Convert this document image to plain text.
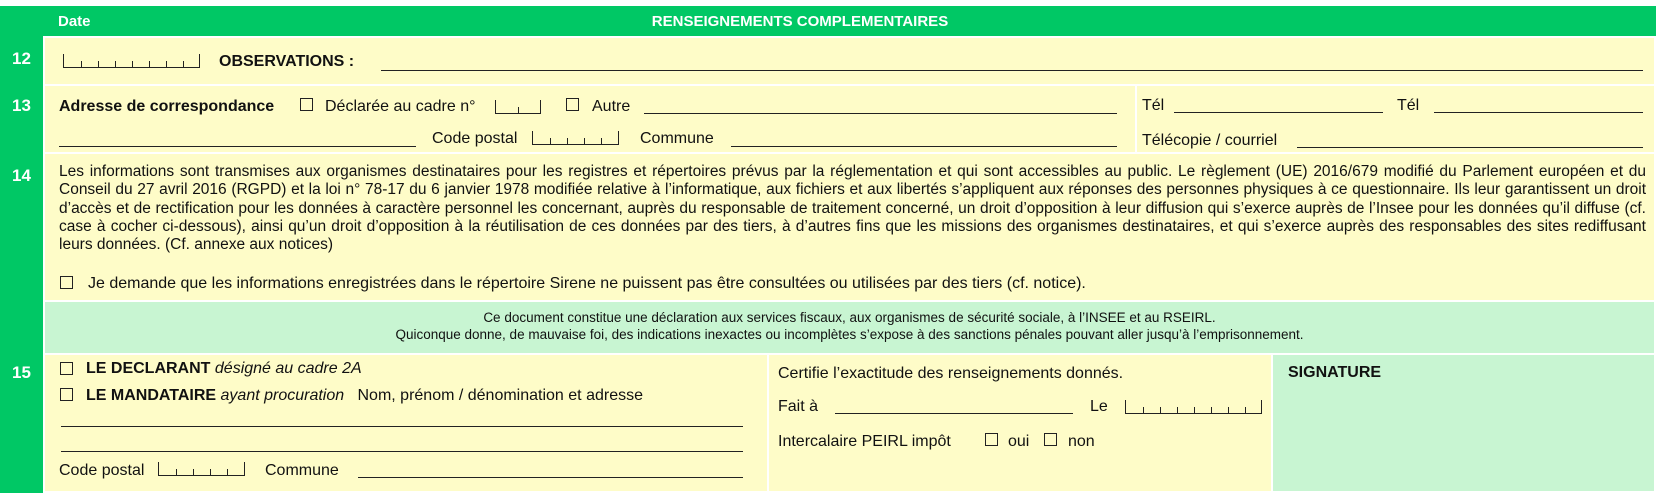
Date	RENSEIGNEMENTS COMPLEMENTAIRES
12
13
14
15
OBSERVATIONS :
Adresse de correspondance	Déclarée au cadre n°	Autre
Code postal	Commune
Tél	Tél
Télécopie / courriel
Les informations sont transmises aux organismes destinataires pour les registres et répertoires prévus par la réglementation et qui sont accessibles au public. Le règlement (UE) 2016/679 modifié du Parlement européen et du Conseil du 27 avril 2016 (RGPD) et la loi n° 78-17 du 6 janvier 1978 modifiée relative à l’informatique, aux fichiers et aux libertés s’appliquent aux réponses des personnes physiques à ce questionnaire. Ils leur garantissent un droit d’accès et de rectification pour les données à caractère personnel les concernant, auprès du responsable de traitement concerné, un droit d’opposition à leur diffusion qui s’exerce auprès de l’Insee pour les données qu’il diffuse (cf. case à cocher ci-dessous), ainsi qu’un droit d’opposition à la réutilisation de ces données par des tiers, à d’autres fins que les missions des organismes destinataires, et qui s’exerce auprès des responsables des sites rediffusant leurs données. (Cf. annexe aux notices)
Je demande que les informations enregistrées dans le répertoire Sirene ne puissent pas être consultées ou utilisées par des tiers (cf. notice).
Ce document constitue une déclaration aux services fiscaux, aux organismes de sécurité sociale, à l’INSEE et au RSEIRL.
Quiconque donne, de mauvaise foi, des indications inexactes ou incomplètes s’expose à des sanctions pénales pouvant aller jusqu’à l’emprisonnement.
LE DECLARANT désigné au cadre 2A
LE MANDATAIRE ayant procuration Nom, prénom / dénomination et adresse
Code postal	Commune
Certifie l’exactitude des renseignements donnés.
Fait à	Le
Intercalaire PEIRL impôt	oui non
SIGNATURE
